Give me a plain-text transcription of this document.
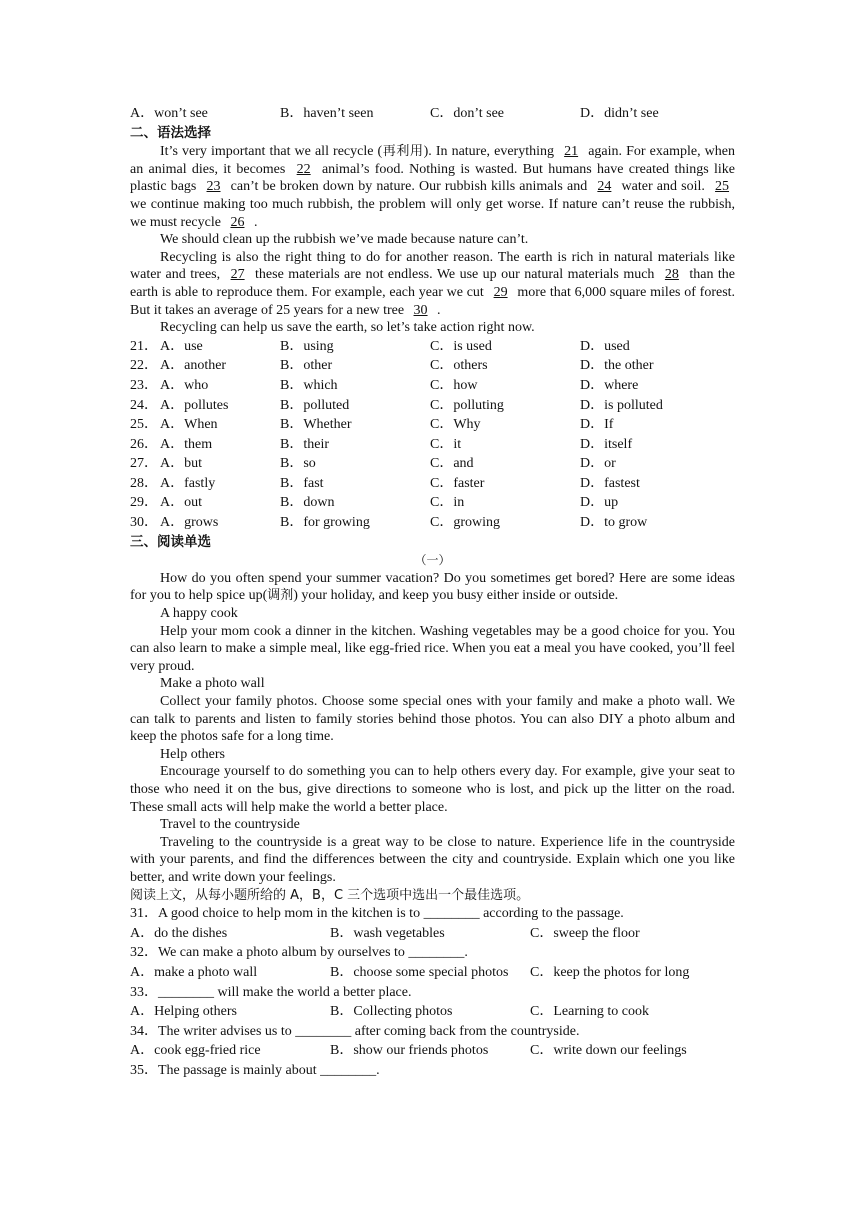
A．won’t see	B．haven’t seen	C．don’t see	D．didn’t see
二、语法选择
It’s very important that we all recycle (再利用). In nature, everything 21 again. For example, when an animal dies, it becomes 22 animal’s food. Nothing is wasted. But humans have created things like plastic bags 23 can’t be broken down by nature. Our rubbish kills animals and 24 water and soil. 25 we continue making too much rubbish, the problem will only get worse. If nature can’t reuse the rubbish, we must recycle 26 .
We should clean up the rubbish we’ve made because nature can’t.
Recycling is also the right thing to do for another reason. The earth is rich in natural materials like water and trees, 27 these materials are not endless. We use up our natural materials much 28 than the earth is able to reproduce them. For example, each year we cut 29 more that 6,000 square miles of forest. But it takes an average of 25 years for a new tree 30 .
Recycling can help us save the earth, so let’s take action right now.
21． A．use	B．using	C．is used	D．used
22． A．another	B．other	C．others	D．the other
23． A．who	B．which	C．how	D．where
24． A．pollutes	B．polluted	C．polluting	D．is polluted
25． A．When	B．Whether	C．Why	D．If
26． A．them	B．their	C．it	D．itself
27． A．but	B．so	C．and	D．or
28． A．fastly	B．fast	C．faster	D．fastest
29． A．out	B．down	C．in	D．up
30． A．grows	B．for growing	C．growing	D．to grow
三、阅读单选
（一）
How do you often spend your summer vacation? Do you sometimes get bored? Here are some ideas for you to help spice up(调剂) your holiday, and keep you busy either inside or outside.
A happy cook
Help your mom cook a dinner in the kitchen. Washing vegetables may be a good choice for you. You can also learn to make a simple meal, like egg-fried rice. When you eat a meal you have cooked, you’ll feel very proud.
Make a photo wall
Collect your family photos. Choose some special ones with your family and make a photo wall. We can talk to parents and listen to family stories behind those photos. You can also DIY a photo album and keep the photos safe for a long time.
Help others
Encourage yourself to do something you can to help others every day. For example, give your seat to those who need it on the bus, give directions to someone who is lost, and pick up the litter on the road. These small acts will help make the world a better place.
Travel to the countryside
Traveling to the countryside is a great way to be close to nature. Experience life in the countryside with your parents, and find the differences between the city and countryside. Explain which one you like better, and write down your feelings.
阅读上文，从每小题所给的 A，B，C 三个选项中选出一个最佳选项。
31．A good choice to help mom in the kitchen is to ________ according to the passage.
A．do the dishes	B．wash vegetables	C．sweep the floor
32．We can make a photo album by ourselves to ________.
A．make a photo wall	B．choose some special photos C．keep the photos for long
33．________ will make the world a better place.
A．Helping others	B．Collecting photos	C．Learning to cook
34．The writer advises us to ________ after coming back from the countryside.
A．cook egg-fried rice	B．show our friends photos	C．write down our feelings
35．The passage is mainly about ________.
